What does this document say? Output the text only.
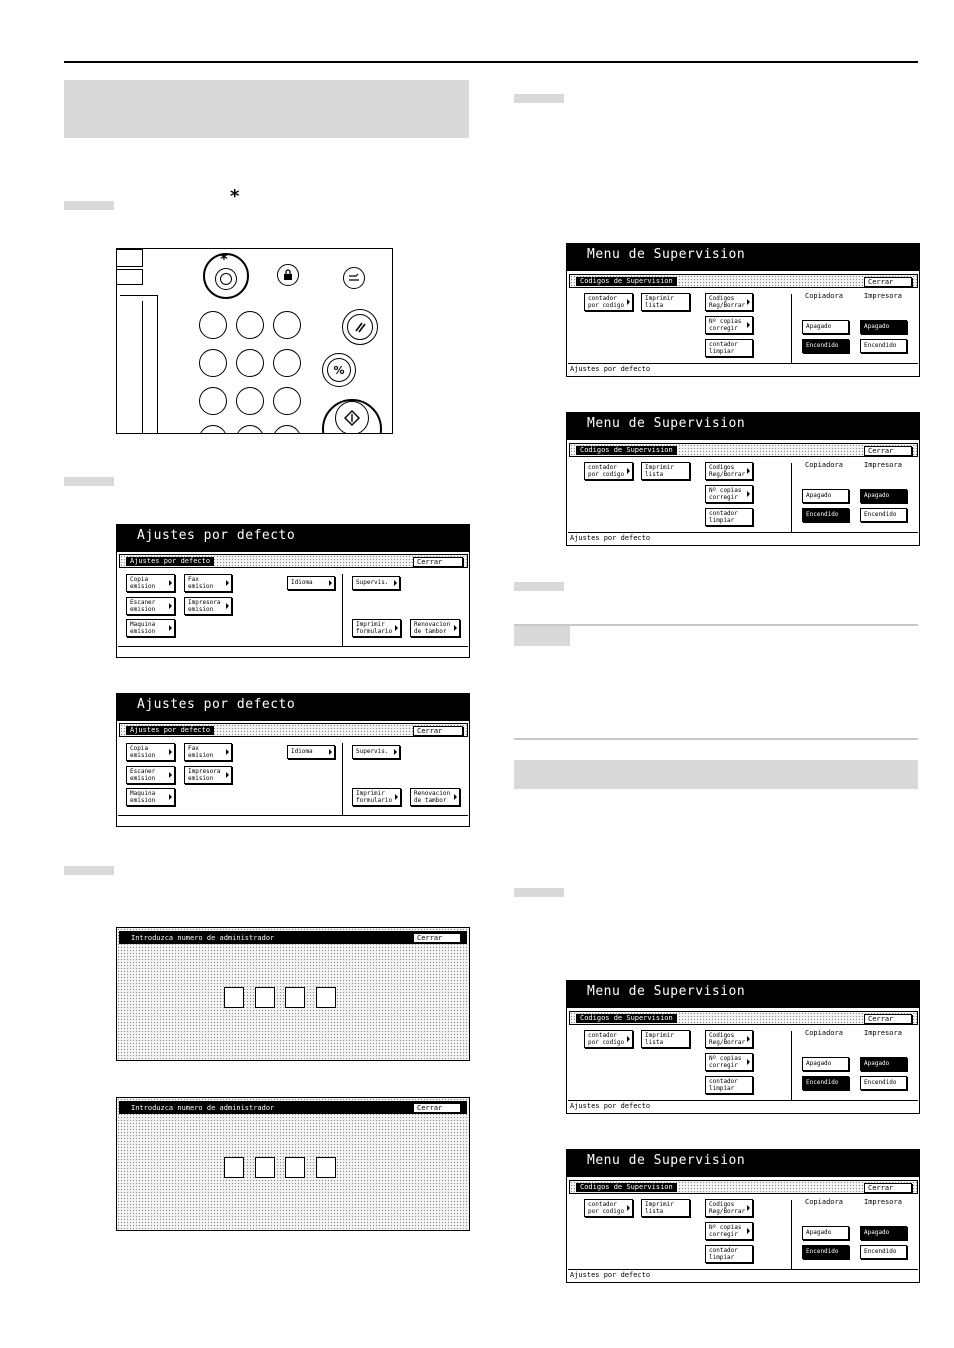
*
*
%
Ajustes por defecto
Ajustes por defecto	Cerrar
Copia
emision
Fax
emision
Idioma	Supervis.
Escaner
emision
Impresora
emision
Maquina
emision
Imprimir
formulario
Renovacion
de tambor
Ajustes por defecto
Ajustes por defecto	Cerrar
Copia
emision
Fax
emision
Idioma	Supervis.
Escaner
emision
Impresora
emision
Maquina
emision
Imprimir
formulario
Renovacion
de tambor
Introduzca numero de administrador	Cerrar
Introduzca numero de administrador	Cerrar
Menu de Supervision
Codigos de Supervision	Cerrar
contador
por codigo
Imprimir
lista
Codigos
Reg/Borrar
Nº copias
corregir
contador
limpiar
Copiadora	Impresora
Apagado	Apagado
Encendido	Encendido
Ajustes por defecto
Menu de Supervision
Codigos de Supervision	Cerrar
contador
por codigo
Imprimir
lista
Codigos
Reg/Borrar
Nº copias
corregir
contador
limpiar
Copiadora	Impresora
Apagado	Apagado
Encendido	Encendido
Ajustes por defecto
Menu de Supervision
Codigos de Supervision	Cerrar
contador
por codigo
Imprimir
lista
Codigos
Reg/Borrar
Nº copias
corregir
contador
limpiar
Copiadora	Impresora
Apagado	Apagado
Encendido	Encendido
Ajustes por defecto
Menu de Supervision
Codigos de Supervision	Cerrar
contador
por codigo
Imprimir
lista
Codigos
Reg/Borrar
Nº copias
corregir
contador
limpiar
Copiadora	Impresora
Apagado	Apagado
Encendido	Encendido
Ajustes por defecto
